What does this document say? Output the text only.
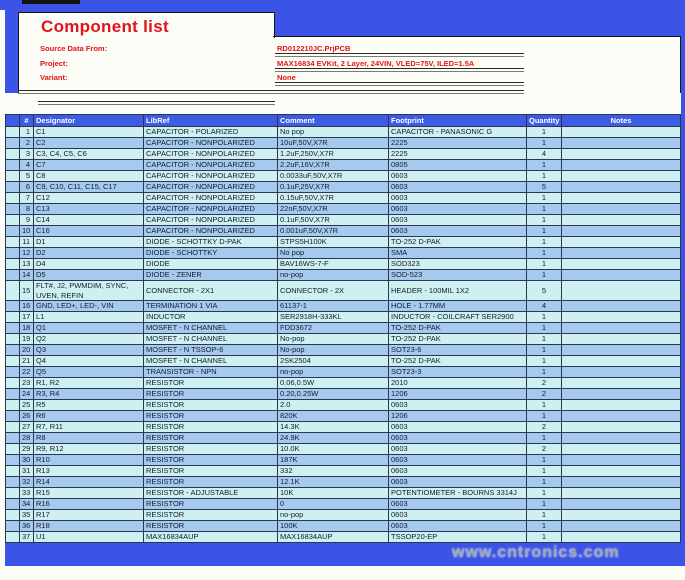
Component list
Source Data From:	RD012210JC.PrjPCB
Project:	MAX16834 EVKit, 2 Layer, 24VIN, VLED=75V, ILED=1.5A
Variant:	None
	#	Designator	LibRef	Comment	Footprint	Quantity	Notes
	1	C1	CAPACITOR - POLARIZED	No pop	CAPACITOR - PANASONIC G	1	
	2	C2	CAPACITOR - NONPOLARIZED	10uF,50V,X7R	2225	1	
	3	C3, C4, C5, C6	CAPACITOR - NONPOLARIZED	1.2uF,250V,X7R	2225	4	
	4	C7	CAPACITOR - NONPOLARIZED	2.2uF,16V,X7R	0805	1	
	5	C8	CAPACITOR - NONPOLARIZED	0.0033uF,50V,X7R	0603	1	
	6	C9, C10, C11, C15, C17	CAPACITOR - NONPOLARIZED	0.1uF,25V,X7R	0603	5	
	7	C12	CAPACITOR - NONPOLARIZED	0.15uF,50V,X7R	0603	1	
	8	C13	CAPACITOR - NONPOLARIZED	22nF,50V,X7R	0603	1	
	9	C14	CAPACITOR - NONPOLARIZED	0.1uF,50V,X7R	0603	1	
	10	C16	CAPACITOR - NONPOLARIZED	0.001uF,50V,X7R	0603	1	
	11	D1	DIODE - SCHOTTKY D-PAK	STPS5H100K	TO-252 D-PAK	1	
	12	D2	DIODE - SCHOTTKY	No pop	SMA	1	
	13	D4	DIODE	BAV16WS-7-F	SOD323	1	
	14	D5	DIODE - ZENER	no-pop	SOD-523	1	
	15	FLT#, J2, PWMDIM, SYNC, UVEN, REFIN	CONNECTOR - 2X1	CONNECTOR - 2X	HEADER - 100MIL 1X2	5	
	16	GND, LED+, LED-, VIN	TERMINATION 1 VIA	61137-1	HOLE - 1.77MM	4	
	17	L1	INDUCTOR	SER2918H-333KL	INDUCTOR - COILCRAFT SER2900	1	
	18	Q1	MOSFET - N CHANNEL	FDD3672	TO-252 D-PAK	1	
	19	Q2	MOSFET - N CHANNEL	No-pop	TO-252 D-PAK	1	
	20	Q3	MOSFET - N TSSOP-6	No-pop	SOT23-6	1	
	21	Q4	MOSFET - N CHANNEL	2SK2504	TO-252 D-PAK	1	
	22	Q5	TRANSISTOR - NPN	no-pop	SOT23-3	1	
	23	R1, R2	RESISTOR	0.06,0.5W	2010	2	
	24	R3, R4	RESISTOR	0.20,0.25W	1206	2	
	25	R5	RESISTOR	2.0	0603	1	
	26	R6	RESISTOR	820K	1206	1	
	27	R7, R11	RESISTOR	14.3K	0603	2	
	28	R8	RESISTOR	24.9K	0603	1	
	29	R9, R12	RESISTOR	10.0K	0603	2	
	30	R10	RESISTOR	187K	0603	1	
	31	R13	RESISTOR	332	0603	1	
	32	R14	RESISTOR	12.1K	0603	1	
	33	R15	RESISTOR - ADJUSTABLE	10K	POTENTIOMETER - BOURNS 3314J	1	
	34	R16	RESISTOR	0	0603	1	
	35	R17	RESISTOR	no-pop	0603	1	
	36	R18	RESISTOR	100K	0603	1	
	37	U1	MAX16834AUP	MAX16834AUP	TSSOP20-EP	1	
www.cntronics.com
